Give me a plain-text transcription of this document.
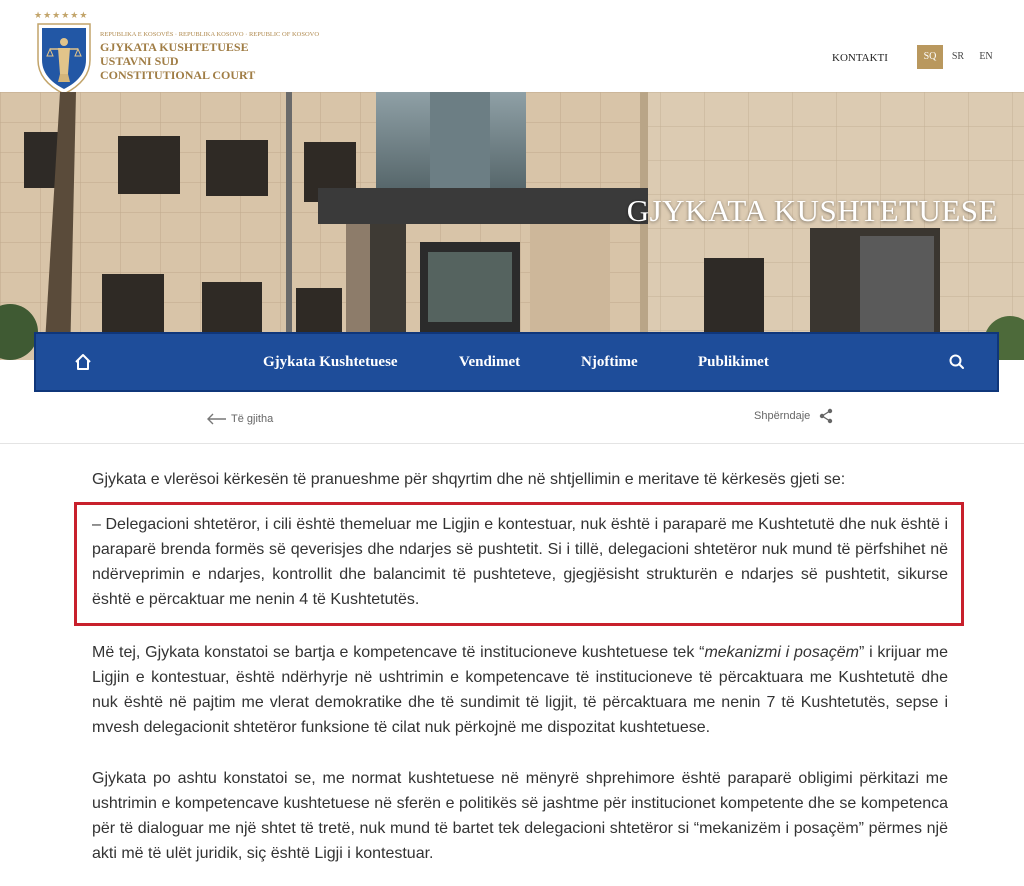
★★★★★★
REPUBLIKA E KOSOVËS · REPUBLIKA KOSOVO · REPUBLIC OF KOSOVO
GJYKATA KUSHTETUESE
USTAVNI SUD
CONSTITUTIONAL COURT
KONTAKTI	SQ	SR	EN
GJYKATA KUSHTETUESE
Gjykata Kushtetuese	Vendimet	Njoftime	Publikimet
Të gjitha	Shpërndaje
Gjykata e vlerësoi kërkesën të pranueshme për shqyrtim dhe në shtjellimin e meritave të kërkesës gjeti se:
– Delegacioni shtetëror, i cili është themeluar me Ligjin e kontestuar, nuk është i paraparë me Kushtetutë dhe nuk është i paraparë brenda formës së qeverisjes dhe ndarjes së pushtetit. Si i tillë, delegacioni shtetëror nuk mund të përfshihet në ndërveprimin e ndarjes, kontrollit dhe balancimit të pushteteve, gjegjësisht strukturën e ndarjes së pushtetit, sikurse është e përcaktuar me nenin 4 të Kushtetutës.
Më tej, Gjykata konstatoi se bartja e kompetencave të institucioneve kushtetuese tek “mekanizmi i posaçëm” i krijuar me Ligjin e kontestuar, është ndërhyrje në ushtrimin e kompetencave të institucioneve të përcaktuara me Kushtetutë dhe nuk është në pajtim me vlerat demokratike dhe të sundimit të ligjit, të përcaktuara me nenin 7 të Kushtetutës, sepse i mvesh delegacionit shtetëror funksione të cilat nuk përkojnë me dispozitat kushtetuese.
Gjykata po ashtu konstatoi se, me normat kushtetuese në mënyrë shprehimore është paraparë obligimi përkitazi me ushtrimin e kompetencave kushtetuese në sferën e politikës së jashtme për institucionet kompetente dhe se kompetenca për të dialoguar me një shtet të tretë, nuk mund të bartet tek delegacioni shtetëror si “mekanizëm i posaçëm” përmes një akti më të ulët juridik, siç është Ligji i kontestuar.
